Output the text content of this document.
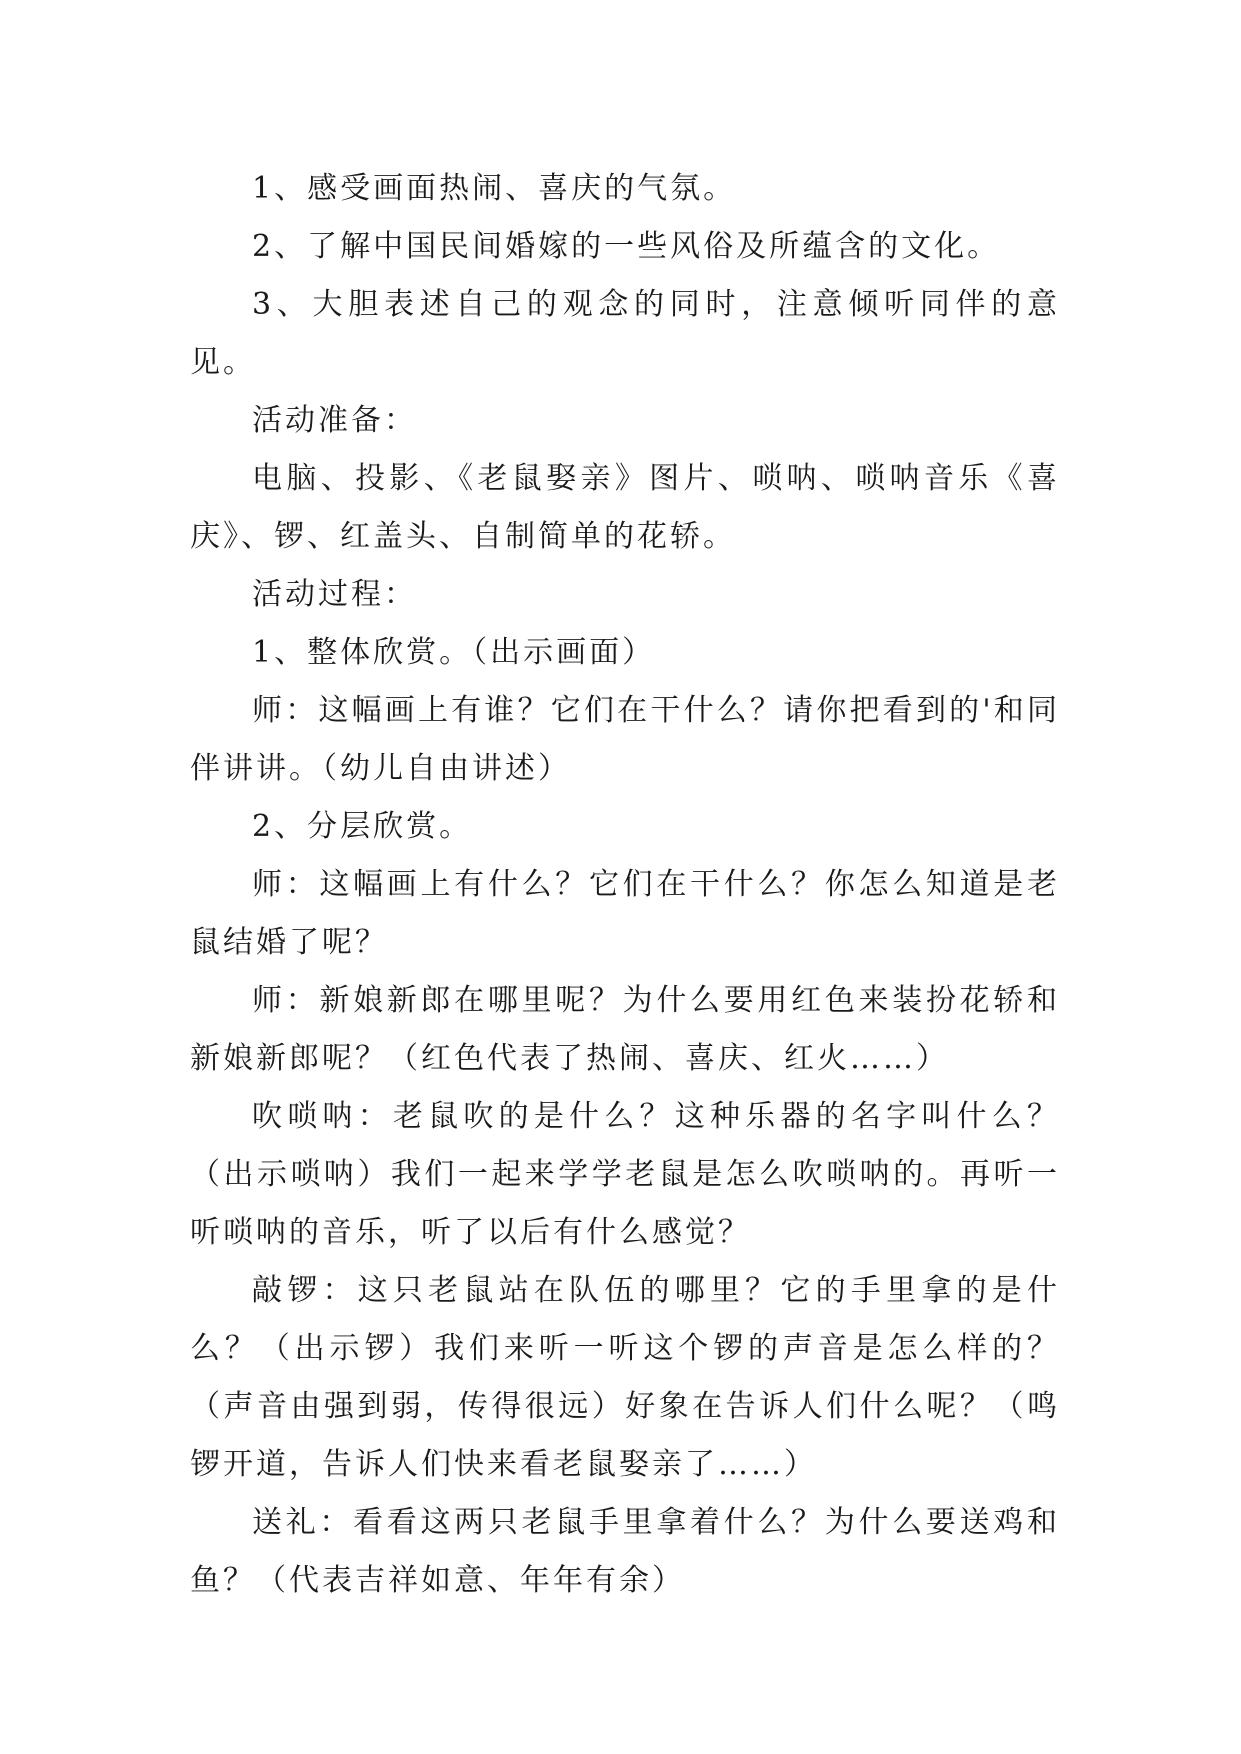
1、感受画面热闹、喜庆的气氛。

2、了解中国民间婚嫁的一些风俗及所蕴含的文化。

3、大胆表述自己的观念的同时，注意倾听同伴的意见。

活动准备：

电脑、投影、《老鼠娶亲》图片、唢呐、唢呐音乐《喜庆》、锣、红盖头、自制简单的花轿。

活动过程：

1、整体欣赏。（出示画面）

师：这幅画上有谁？它们在干什么？请你把看到的'和同伴讲讲。（幼儿自由讲述）

2、分层欣赏。

师：这幅画上有什么？它们在干什么？你怎么知道是老鼠结婚了呢？

师：新娘新郎在哪里呢？为什么要用红色来装扮花轿和新娘新郎呢？（红色代表了热闹、喜庆、红火……）

吹唢呐：老鼠吹的是什么？这种乐器的名字叫什么？（出示唢呐）我们一起来学学老鼠是怎么吹唢呐的。再听一听唢呐的音乐，听了以后有什么感觉？

敲锣：这只老鼠站在队伍的哪里？它的手里拿的是什么？（出示锣）我们来听一听这个锣的声音是怎么样的？（声音由强到弱，传得很远）好象在告诉人们什么呢？（鸣锣开道，告诉人们快来看老鼠娶亲了……）

送礼：看看这两只老鼠手里拿着什么？为什么要送鸡和鱼？（代表吉祥如意、年年有余）
